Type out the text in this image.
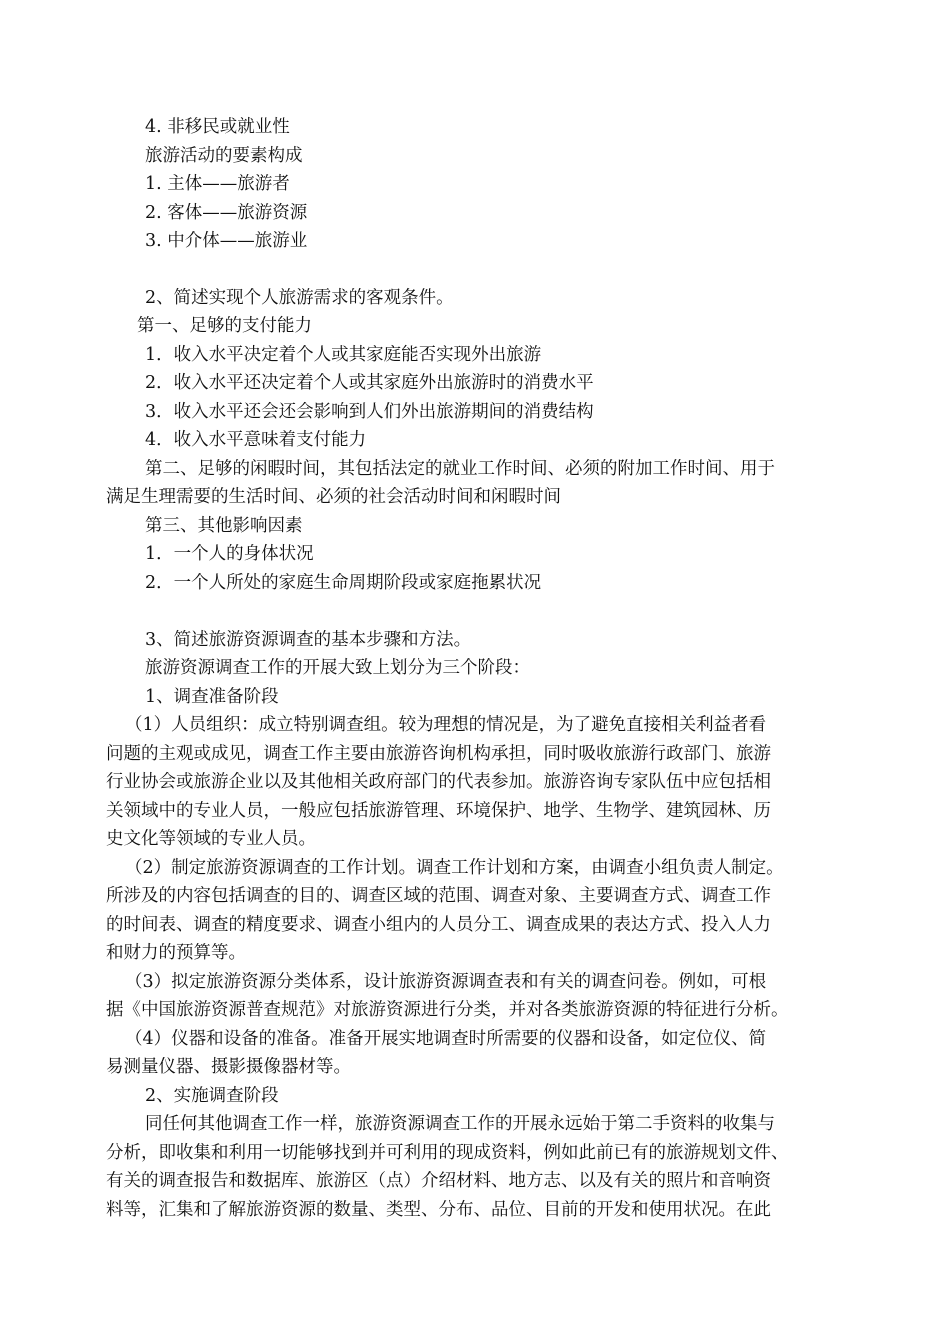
4. 非移民或就业性
旅游活动的要素构成
1. 主体——旅游者
2. 客体——旅游资源
3. 中介体——旅游业
2、简述实现个人旅游需求的客观条件。
第一、足够的支付能力
1．收入水平决定着个人或其家庭能否实现外出旅游
2．收入水平还决定着个人或其家庭外出旅游时的消费水平
3．收入水平还会还会影响到人们外出旅游期间的消费结构
4．收入水平意味着支付能力
第二、足够的闲暇时间，其包括法定的就业工作时间、必须的附加工作时间、用于
满足生理需要的生活时间、必须的社会活动时间和闲暇时间
第三、其他影响因素
1．一个人的身体状况
2．一个人所处的家庭生命周期阶段或家庭拖累状况
3、简述旅游资源调查的基本步骤和方法。
旅游资源调查工作的开展大致上划分为三个阶段：
1、调查准备阶段
（1）人员组织：成立特别调查组。较为理想的情况是，为了避免直接相关利益者看
问题的主观或成见，调查工作主要由旅游咨询机构承担，同时吸收旅游行政部门、旅游
行业协会或旅游企业以及其他相关政府部门的代表参加。旅游咨询专家队伍中应包括相
关领域中的专业人员，一般应包括旅游管理、环境保护、地学、生物学、建筑园林、历
史文化等领域的专业人员。
（2）制定旅游资源调查的工作计划。调查工作计划和方案，由调查小组负责人制定。
所涉及的内容包括调查的目的、调查区域的范围、调查对象、主要调查方式、调查工作
的时间表、调查的精度要求、调查小组内的人员分工、调查成果的表达方式、投入人力
和财力的预算等。
（3）拟定旅游资源分类体系，设计旅游资源调查表和有关的调查问卷。例如，可根
据《中国旅游资源普查规范》对旅游资源进行分类，并对各类旅游资源的特征进行分析。
（4）仪器和设备的准备。准备开展实地调查时所需要的仪器和设备，如定位仪、简
易测量仪器、摄影摄像器材等。
2、实施调查阶段
同任何其他调查工作一样，旅游资源调查工作的开展永远始于第二手资料的收集与
分析，即收集和利用一切能够找到并可利用的现成资料，例如此前已有的旅游规划文件、
有关的调查报告和数据库、旅游区（点）介绍材料、地方志、以及有关的照片和音响资
料等，汇集和了解旅游资源的数量、类型、分布、品位、目前的开发和使用状况。在此
